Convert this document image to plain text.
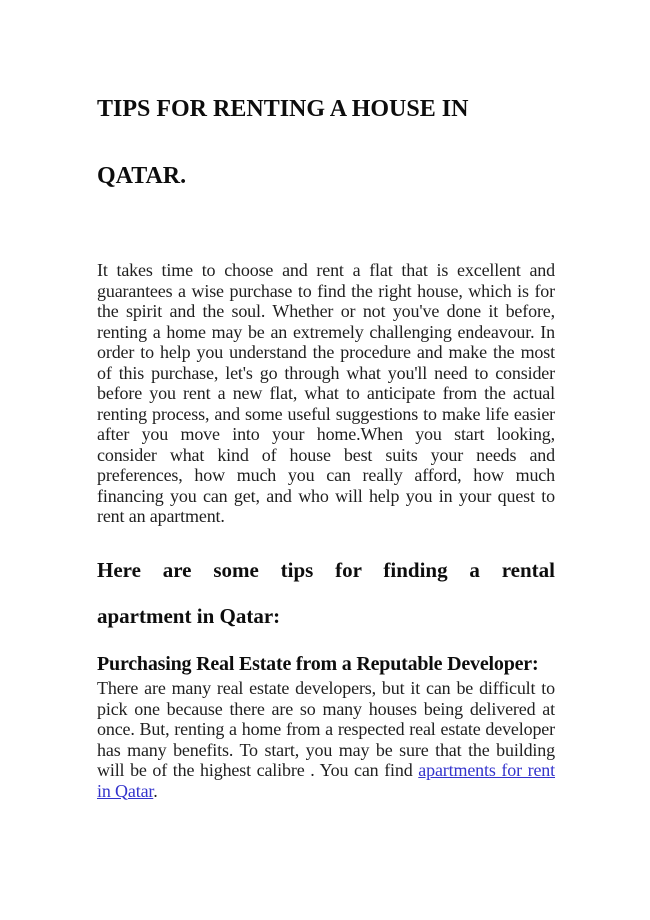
TIPS FOR RENTING A HOUSE IN
QATAR.
It takes time to choose and rent a flat that is excellent and
guarantees a wise purchase to find the right house, which is for
the spirit and the soul. Whether or not you've done it before,
renting a home may be an extremely challenging endeavour. In
order to help you understand the procedure and make the most
of this purchase, let's go through what you'll need to consider
before you rent a new flat, what to anticipate from the actual
renting process, and some useful suggestions to make life easier
after you move into your home.When you start looking,
consider what kind of house best suits your needs and
preferences, how much you can really afford, how much
financing you can get, and who will help you in your quest to
rent an apartment.
Here are some tips for finding a rental
apartment in Qatar:
Purchasing Real Estate from a Reputable Developer:
There are many real estate developers, but it can be difficult to
pick one because there are so many houses being delivered at
once. But, renting a home from a respected real estate developer
has many benefits. To start, you may be sure that the building
will be of the highest calibre . You can find apartments for rent
in Qatar.
